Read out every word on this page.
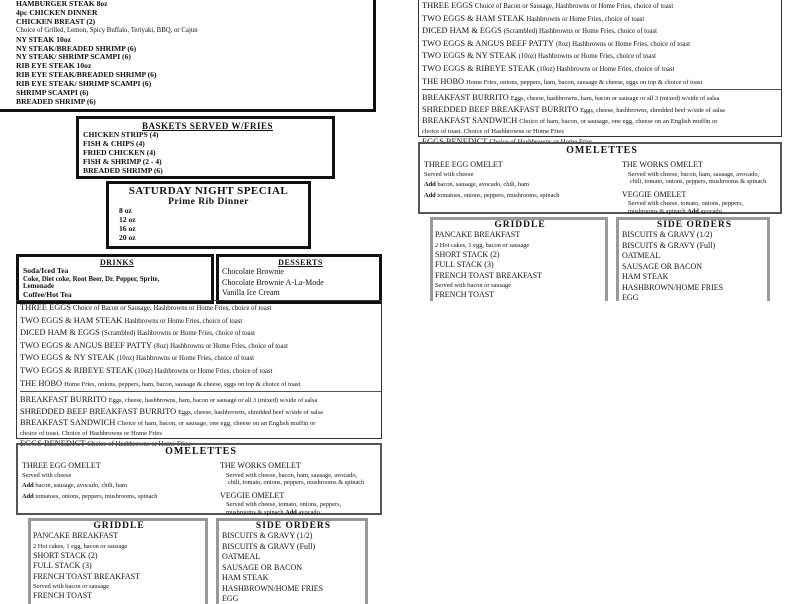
HAMBURGER STEAK 8oz
4pc CHICKEN DINNER
CHICKEN BREAST (2)
Choice of Grilled, Lemon, Spicy Buffalo, Teriyaki, BBQ, or Cajun
NY STEAK 10oz
NY STEAK/BREADED SHRIMP (6)
NY STEAK/ SHRIMP SCAMPI (6)
RIB EYE STEAK 10oz
RIB EYE STEAK/BREADED SHRIMP (6)
RIB EYE STEAK/ SHRIMP SCAMPI (6)
SHRIMP SCAMPI (6)
BREADED SHRIMP (6)
BASKETS SERVED W/FRIES
CHICKEN STRIPS (4)
FISH & CHIPS (4)
FRIED CHICKEN (4)
FISH & SHRIMP (2 - 4)
BREADED SHRIMP (6)
SATURDAY NIGHT SPECIAL
Prime Rib Dinner
8 oz
12 oz
16 oz
20 oz
DRINKS
Soda/Iced Tea
Coke, Diet coke, Root Beer, Dr. Pepper, Sprite,
Lemonade
Coffee/Hot Tea
DESSERTS
Chocolate Brownie
Chocolate Brownie A-La-Mode
Vanilla Ice Cream
THREE EGGS Choice of Bacon or Sausage, Hashbrowns or Home Fries, choice of toast
TWO EGGS & HAM STEAK Hashbrowns or Home Fries, choice of toast
DICED HAM & EGGS (Scrambled) Hashbrowns or Home Fries, choice of toast
TWO EGGS & ANGUS BEEF PATTY (8oz) Hashbrowns or Home Fries, choice of toast
TWO EGGS & NY STEAK (10oz) Hashbrowns or Home Fries, choice of toast
TWO EGGS & RIBEYE STEAK (10oz) Hashbrowns or Home Fries, choice of toast
THE HOBO Home Fries, onions, peppers, ham, bacon, sausage & cheese, eggs on top & choice of toast
BREAKFAST BURRITO Eggs, cheese, hashbrowns, ham, bacon or sausage or all 3 (mixed) w/side of salsa
SHREDDED BEEF BREAKFAST BURRITO Eggs, cheese, hashbrowns, shredded beef w/side of salsa
BREAKFAST SANDWICH Choice of ham, bacon, or sausage, one egg, cheese on an English muffin or
choice of toast. Choice of Hashbrowns or Home Fries
EGGS BENEDICT Choice of Hashbrowns or Home Fries
OMELETTES
THREE EGG OMELET
Served with cheese
Add bacon, sausage, avocado, chili, ham
Add tomatoes, onions, peppers, mushrooms, spinach
THE WORKS OMELET
Served with cheese, bacon, ham, sausage, avocado,
chili, tomato, onions, peppers, mushrooms & spinach
VEGGIE OMELET
Served with cheese, tomato, onions, peppers,
mushrooms & spinach Add avocado
GRIDDLE
PANCAKE BREAKFAST
2 Hot cakes, 1 egg, bacon or sausage
SHORT STACK (2)
FULL STACK (3)
FRENCH TOAST BREAKFAST
Served with bacon or sausage
FRENCH TOAST
SIDE ORDERS
BISCUITS & GRAVY (1/2)
BISCUITS & GRAVY (Full)
OATMEAL
SAUSAGE OR BACON
HAM STEAK
HASHBROWN/HOME FRIES
EGG
THREE EGGS Choice of Bacon or Sausage, Hashbrowns or Home Fries, choice of toast
TWO EGGS & HAM STEAK Hashbrowns or Home Fries, choice of toast
DICED HAM & EGGS (Scrambled) Hashbrowns or Home Fries, choice of toast
TWO EGGS & ANGUS BEEF PATTY (8oz) Hashbrowns or Home Fries, choice of toast
TWO EGGS & NY STEAK (10oz) Hashbrowns or Home Fries, choice of toast
TWO EGGS & RIBEYE STEAK (10oz) Hashbrowns or Home Fries, choice of toast
THE HOBO Home Fries, onions, peppers, ham, bacon, sausage & cheese, eggs on top & choice of toast
BREAKFAST BURRITO Eggs, cheese, hashbrowns, ham, bacon or sausage or all 3 (mixed) w/side of salsa
SHREDDED BEEF BREAKFAST BURRITO Eggs, cheese, hashbrowns, shredded beef w/side of salsa
BREAKFAST SANDWICH Choice of ham, bacon, or sausage, one egg, cheese on an English muffin or
choice of toast. Choice of Hashbrowns or Home Fries
EGGS BENEDICT Choice of Hashbrowns or Home Fries
OMELETTES
THREE EGG OMELET
Served with cheese
Add bacon, sausage, avocado, chili, ham
Add tomatoes, onions, peppers, mushrooms, spinach
THE WORKS OMELET
Served with cheese, bacon, ham, sausage, avocado,
chili, tomato, onions, peppers, mushrooms & spinach
VEGGIE OMELET
Served with cheese, tomato, onions, peppers,
mushrooms & spinach Add avocado
GRIDDLE
PANCAKE BREAKFAST
2 Hot cakes, 1 egg, bacon or sausage
SHORT STACK (2)
FULL STACK (3)
FRENCH TOAST BREAKFAST
Served with bacon or sausage
FRENCH TOAST
SIDE ORDERS
BISCUITS & GRAVY (1/2)
BISCUITS & GRAVY (Full)
OATMEAL
SAUSAGE OR BACON
HAM STEAK
HASHBROWN/HOME FRIES
EGG
